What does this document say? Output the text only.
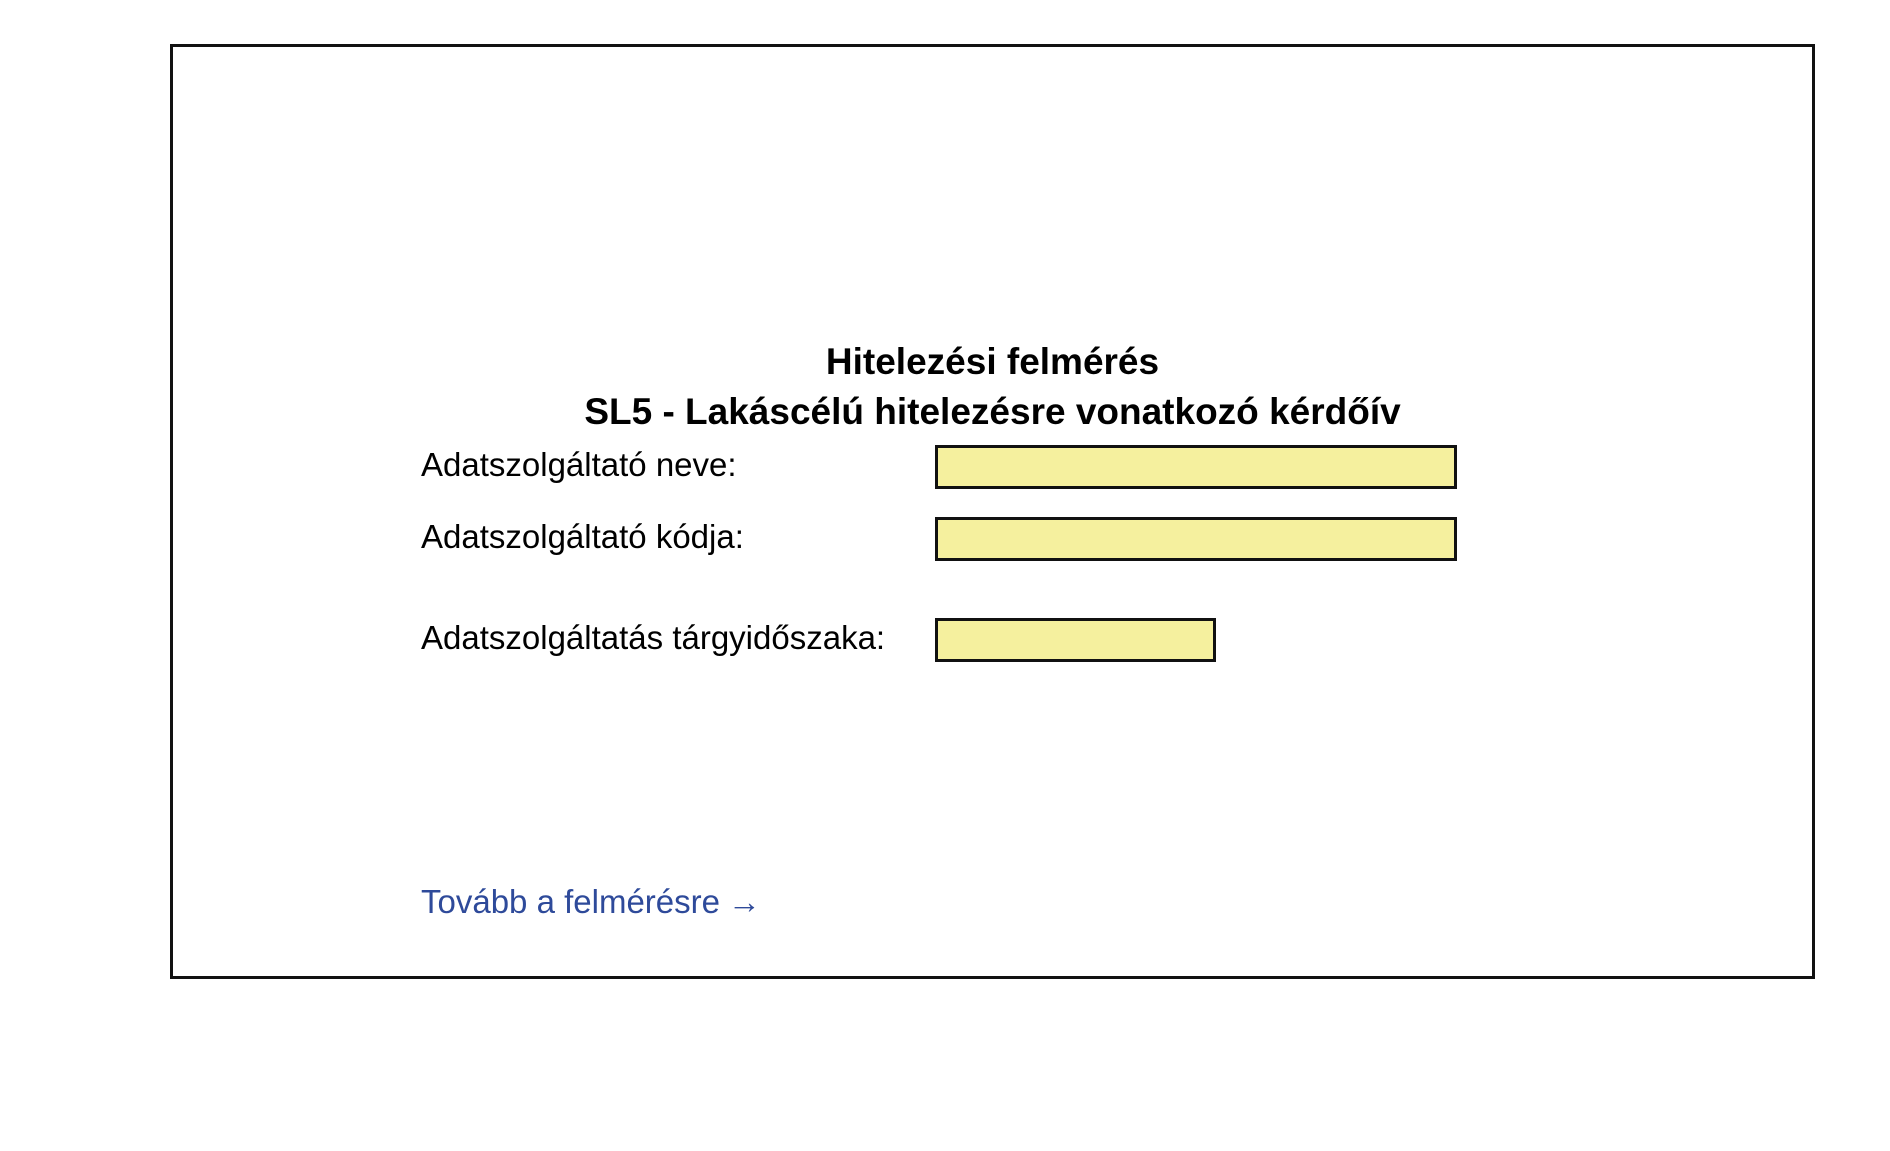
Hitelezési felmérés
SL5 - Lakáscélú hitelezésre vonatkozó kérdőív
Adatszolgáltató neve:
Adatszolgáltató kódja:
Adatszolgáltatás tárgyidőszaka:
Tovább a felmérésre →
